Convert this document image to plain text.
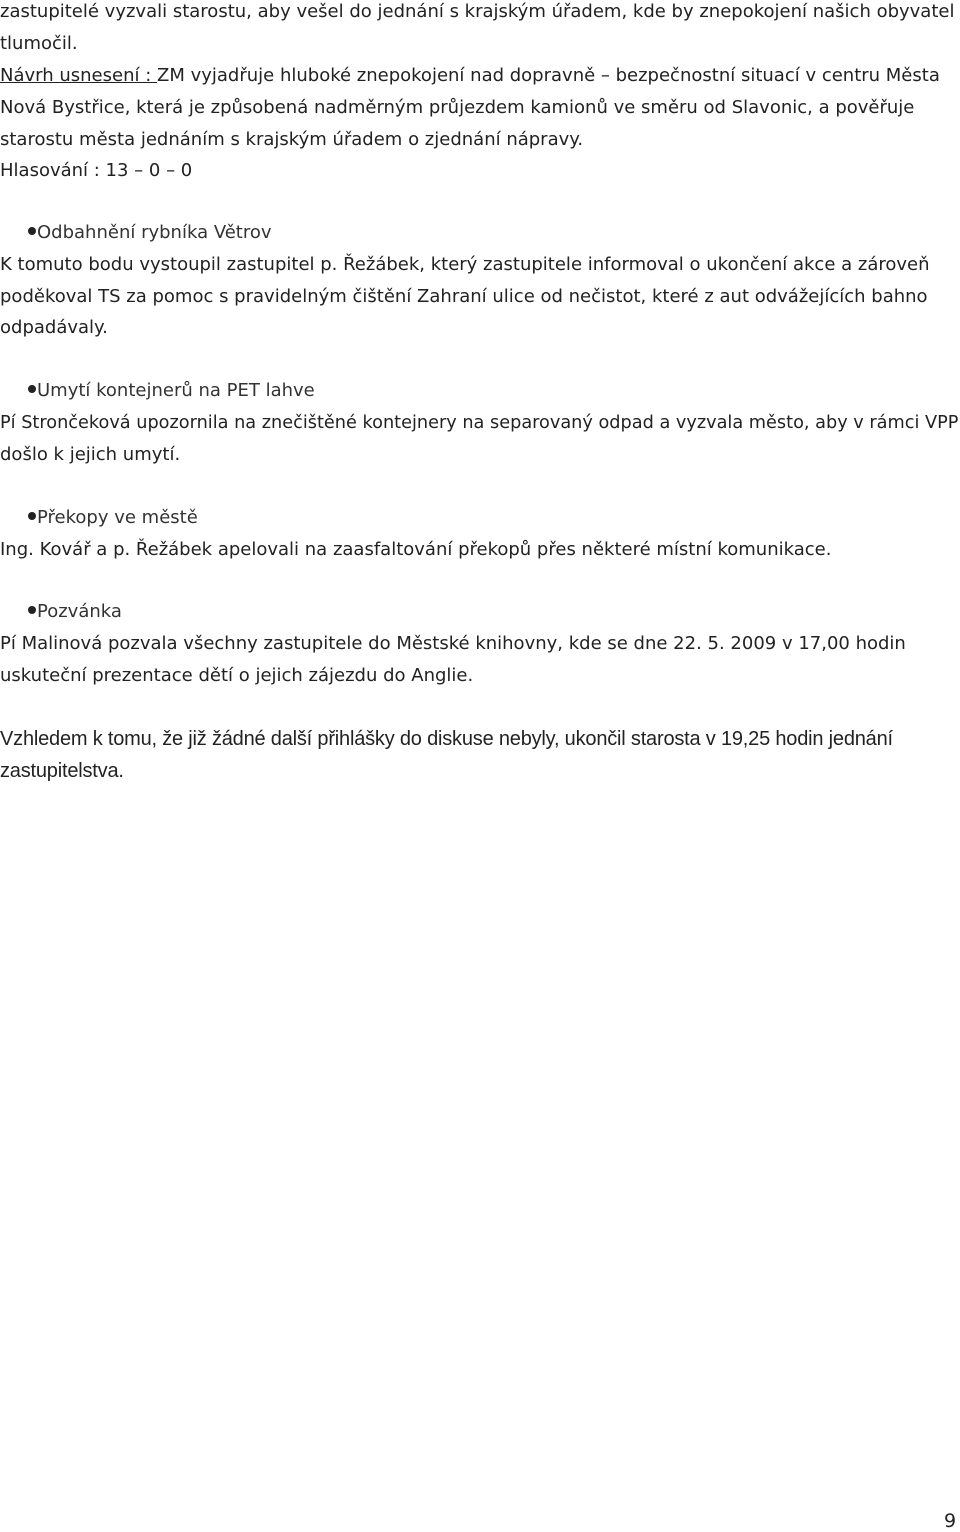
zastupitelé vyzvali starostu, aby vešel do jednání s krajským úřadem, kde by znepokojení našich obyvatel
tlumočil.
Návrh usnesení : ZM vyjadřuje hluboké znepokojení nad dopravně – bezpečnostní situací v centru Města
Nová Bystřice, která je způsobená nadměrným průjezdem kamionů ve směru od Slavonic, a pověřuje
starostu města jednáním s krajským úřadem o zjednání nápravy.
Hlasování : 13 – 0 – 0
Odbahnění rybníka Větrov
K tomuto bodu vystoupil zastupitel p. Řežábek, který zastupitele informoval o ukončení akce a zároveň
poděkoval TS za pomoc s pravidelným čištění Zahraní ulice od nečistot, které z aut odvážejících bahno
odpadávaly.
Umytí kontejnerů na PET lahve
Pí Strončeková upozornila na znečištěné kontejnery na separovaný odpad a vyzvala město, aby v rámci VPP
došlo k jejich umytí.
Překopy ve městě
Ing. Kovář a p. Řežábek apelovali na zaasfaltování překopů přes některé místní komunikace.
Pozvánka
Pí Malinová pozvala všechny zastupitele do Městské knihovny, kde se dne 22. 5. 2009 v 17,00 hodin
uskuteční prezentace dětí o jejich zájezdu do Anglie.
Vzhledem k tomu, že již žádné další přihlášky do diskuse nebyly, ukončil starosta v 19,25 hodin jednání
zastupitelstva.
9
